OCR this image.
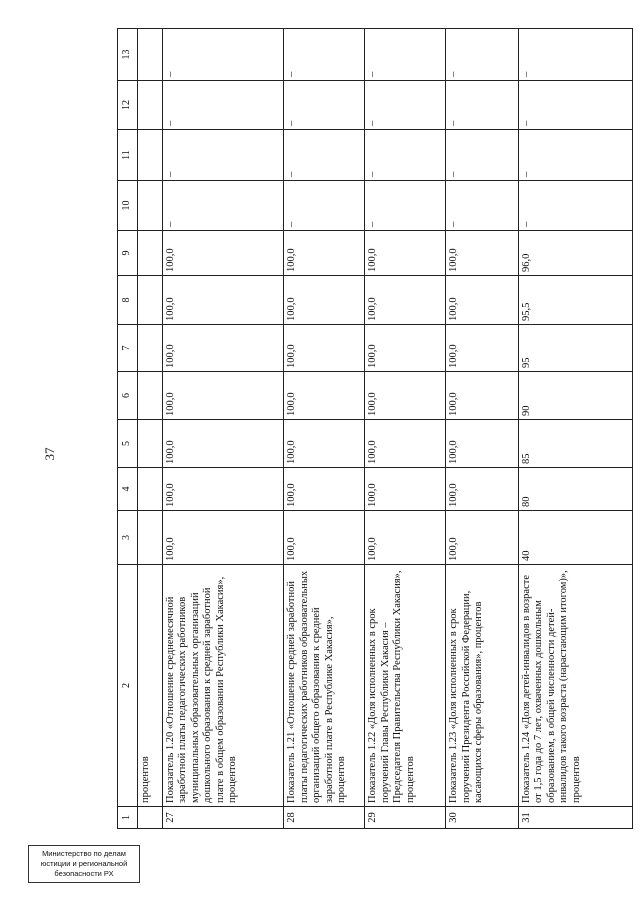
37
1	2	3	4	5	6	7	8	9	10	11	12	13
	процентов											
27	Показатель 1.20 «Отношение среднемесячной заработной платы педагогических работников муниципальных образовательных организаций дошкольного образования к средней заработной плате в общем образовании Республики Хакасия», процентов	100,0	100,0	100,0	100,0	100,0	100,0	100,0	–	–	–	–
28	Показатель 1.21 «Отношение средней заработной платы педагогических работников образовательных организаций общего образования к средней заработной плате в Республике Хакасия», процентов	100,0	100,0	100,0	100,0	100,0	100,0	100,0	–	–	–	–
29	Показатель 1.22 «Доля исполненных в срок поручений Главы Республики Хакасия – Председателя Правительства Республики Хакасия», процентов	100,0	100,0	100,0	100,0	100,0	100,0	100,0	–	–	–	–
30	Показатель 1.23 «Доля исполненных в срок поручений Президента Российской Федерации, касающихся сферы образования», процентов	100,0	100,0	100,0	100,0	100,0	100,0	100,0	–	–	–	–
31	Показатель 1.24 «Доля детей-инвалидов в возрасте от 1,5 года до 7 лет, охваченных дошкольным образованием, в общей численности детей-инвалидов такого возраста (нарастающим итогом)», процентов	40	80	85	90	95	95,5	96,0	–	–	–	–
Министерство по делам
юстиции и региональной
безопасности РХ
